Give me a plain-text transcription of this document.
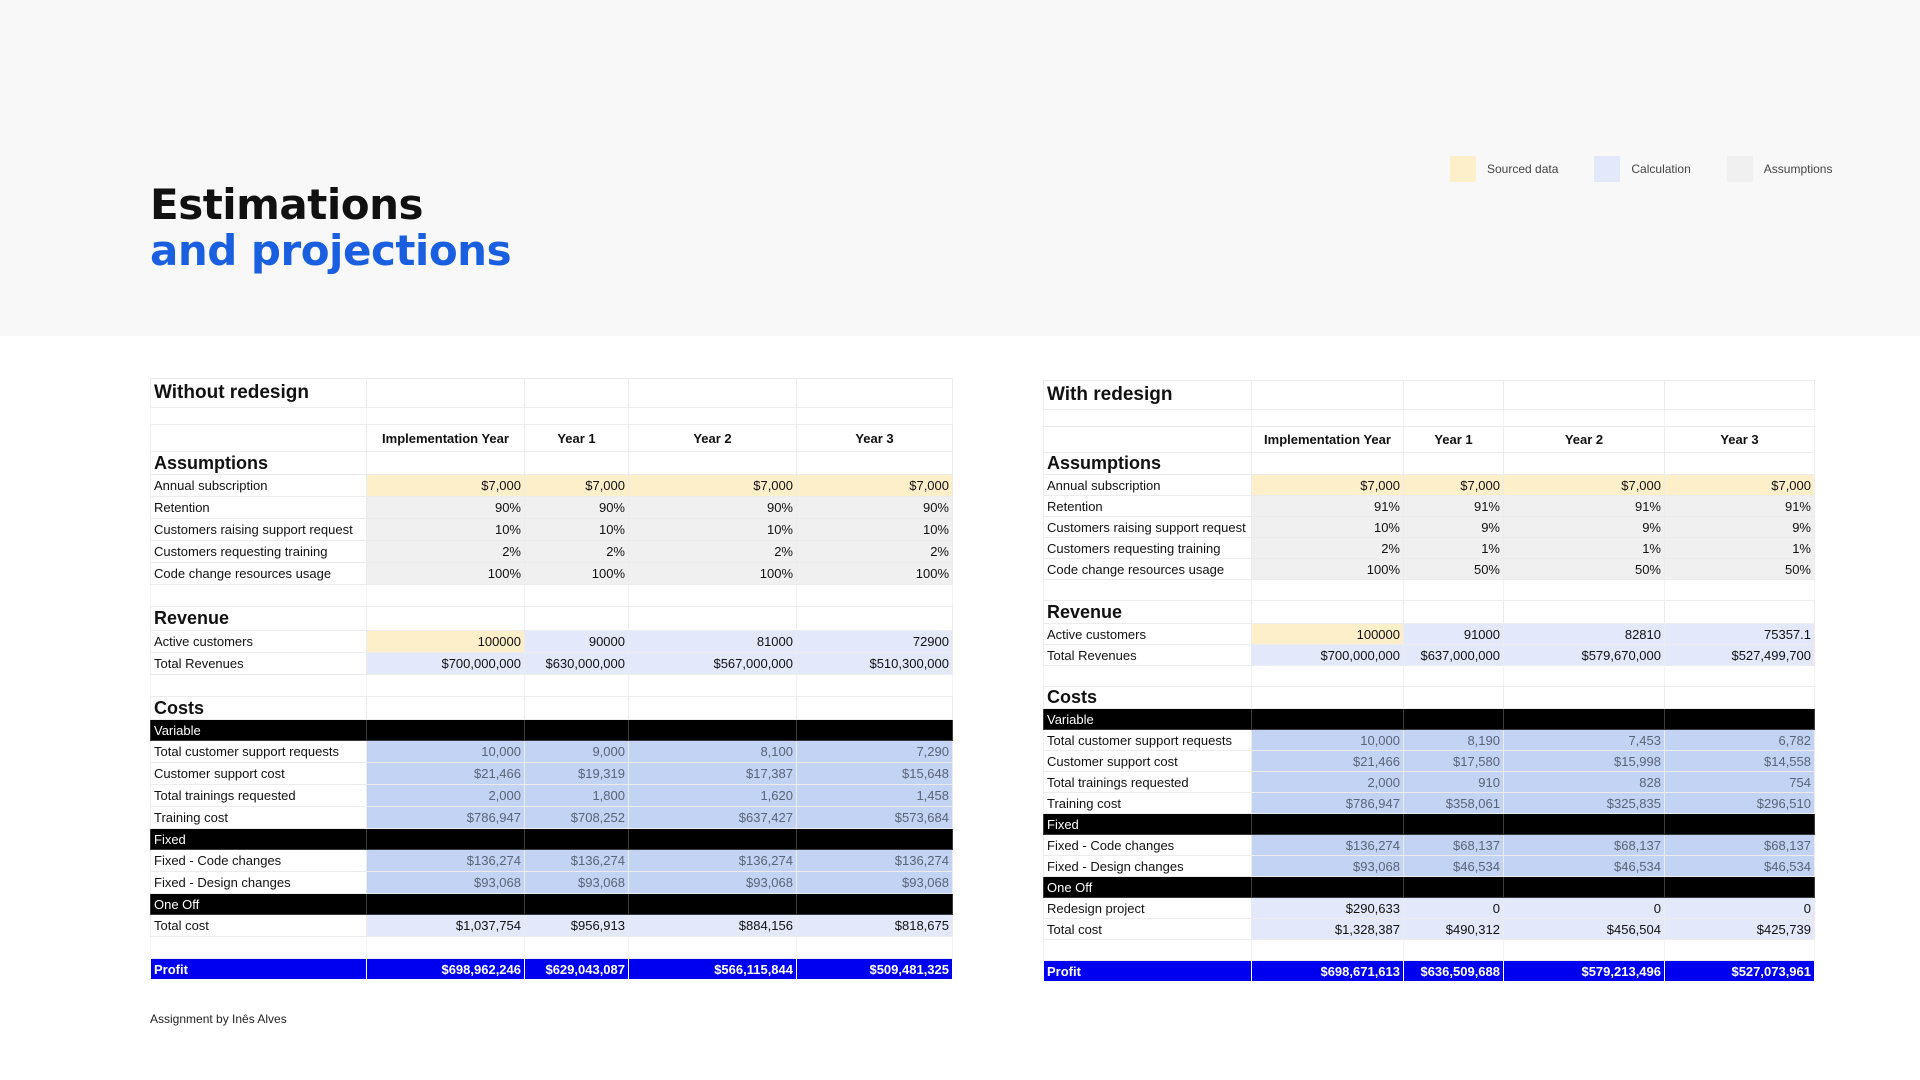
Estimations
and projections
Sourced data	Calculation	Assumptions
Without redesign				

	Implementation Year	Year 1	Year 2	Year 3
Assumptions				
Annual subscription	$7,000	$7,000	$7,000	$7,000
Retention	90%	90%	90%	90%
Customers raising support request	10%	10%	10%	10%
Customers requesting training	2%	2%	2%	2%
Code change resources usage	100%	100%	100%	100%

Revenue				
Active customers	100000	90000	81000	72900
Total Revenues	$700,000,000	$630,000,000	$567,000,000	$510,300,000

Costs				
Variable				
Total customer support requests	10,000	9,000	8,100	7,290
Customer support cost	$21,466	$19,319	$17,387	$15,648
Total trainings requested	2,000	1,800	1,620	1,458
Training cost	$786,947	$708,252	$637,427	$573,684
Fixed				
Fixed - Code changes	$136,274	$136,274	$136,274	$136,274
Fixed - Design changes	$93,068	$93,068	$93,068	$93,068
One Off				
Total cost	$1,037,754	$956,913	$884,156	$818,675

Profit	$698,962,246	$629,043,087	$566,115,844	$509,481,325
With redesign				

	Implementation Year	Year 1	Year 2	Year 3
Assumptions				
Annual subscription	$7,000	$7,000	$7,000	$7,000
Retention	91%	91%	91%	91%
Customers raising support request	10%	9%	9%	9%
Customers requesting training	2%	1%	1%	1%
Code change resources usage	100%	50%	50%	50%

Revenue				
Active customers	100000	91000	82810	75357.1
Total Revenues	$700,000,000	$637,000,000	$579,670,000	$527,499,700

Costs				
Variable				
Total customer support requests	10,000	8,190	7,453	6,782
Customer support cost	$21,466	$17,580	$15,998	$14,558
Total trainings requested	2,000	910	828	754
Training cost	$786,947	$358,061	$325,835	$296,510
Fixed				
Fixed - Code changes	$136,274	$68,137	$68,137	$68,137
Fixed - Design changes	$93,068	$46,534	$46,534	$46,534
One Off				
Redesign project	$290,633	0	0	0
Total cost	$1,328,387	$490,312	$456,504	$425,739

Profit	$698,671,613	$636,509,688	$579,213,496	$527,073,961
Assignment by Inês Alves
